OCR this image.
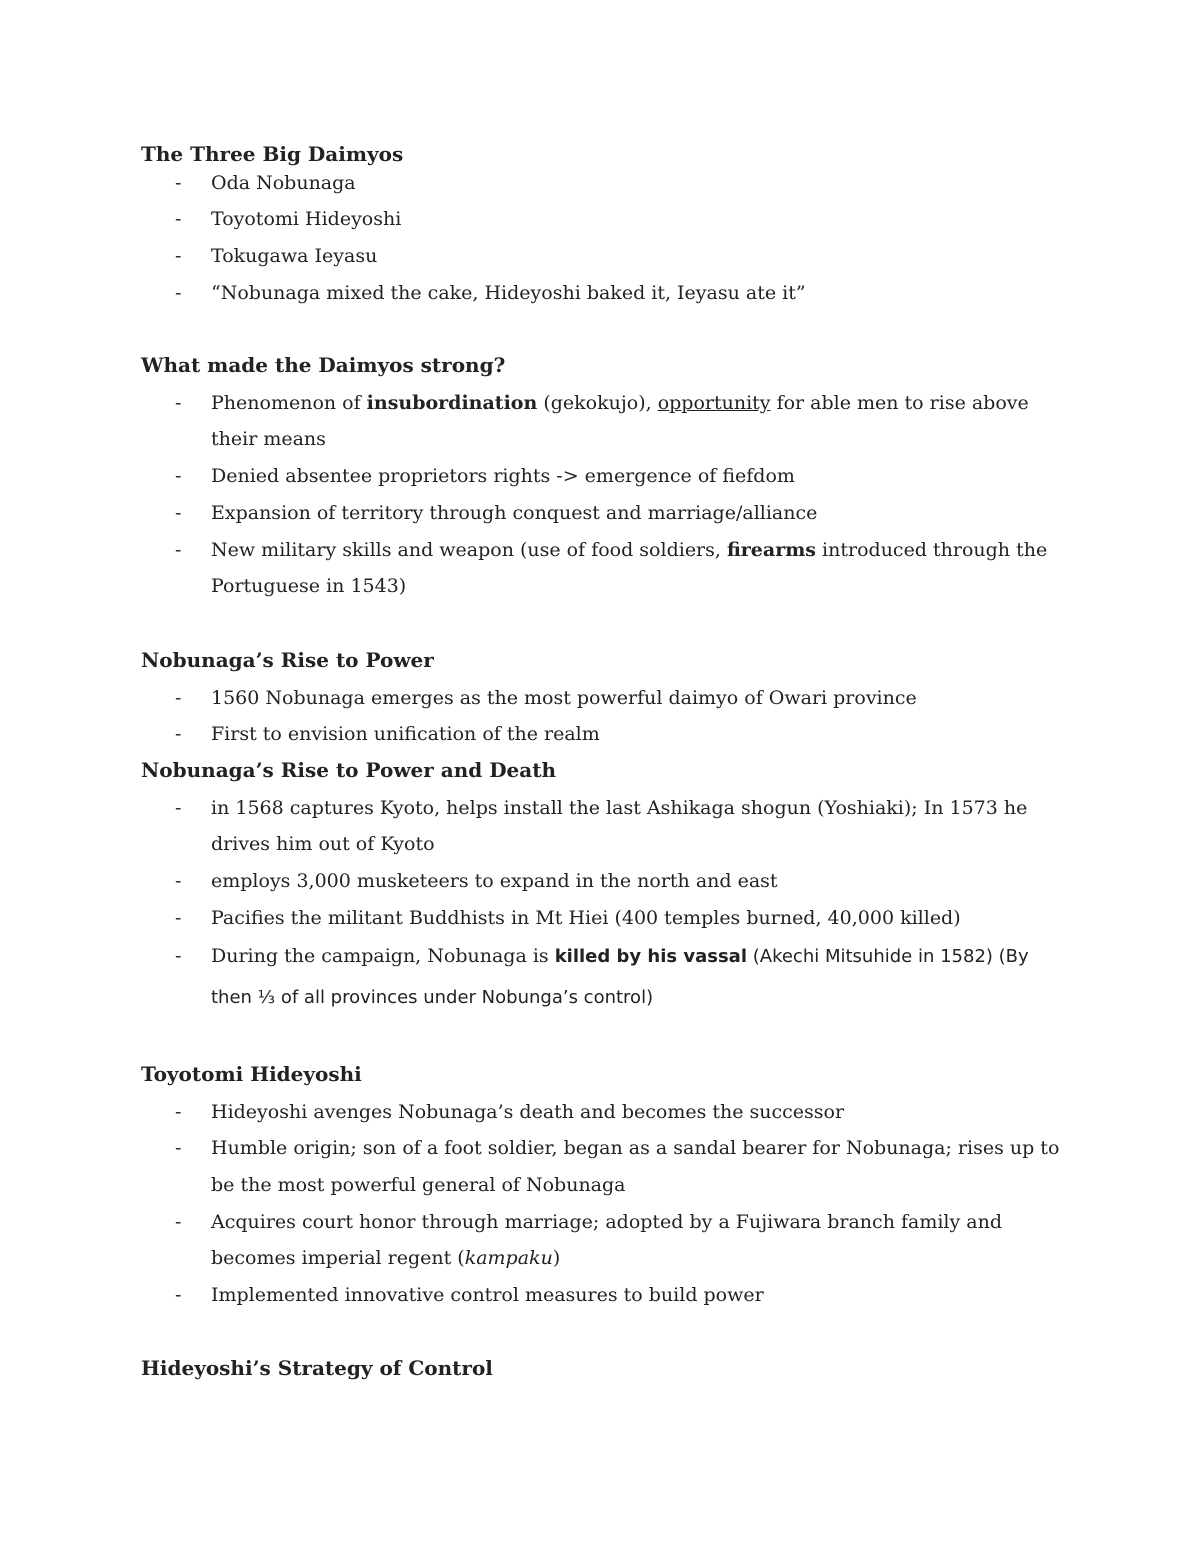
The Three Big Daimyos
- Oda Nobunaga
- Toyotomi Hideyoshi
- Tokugawa Ieyasu
- “Nobunaga mixed the cake, Hideyoshi baked it, Ieyasu ate it”
What made the Daimyos strong?
- Phenomenon of insubordination (gekokujo), opportunity for able men to rise above
their means
- Denied absentee proprietors rights -> emergence of fiefdom
- Expansion of territory through conquest and marriage/alliance
- New military skills and weapon (use of food soldiers, firearms introduced through the
Portuguese in 1543)
Nobunaga’s Rise to Power
- 1560 Nobunaga emerges as the most powerful daimyo of Owari province
- First to envision unification of the realm
Nobunaga’s Rise to Power and Death
- in 1568 captures Kyoto, helps install the last Ashikaga shogun (Yoshiaki); In 1573 he
drives him out of Kyoto
- employs 3,000 musketeers to expand in the north and east
- Pacifies the militant Buddhists in Mt Hiei (400 temples burned, 40,000 killed)
- During the campaign, Nobunaga is killed by his vassal (Akechi Mitsuhide in 1582) (By
then ⅓ of all provinces under Nobunga’s control)
Toyotomi Hideyoshi
- Hideyoshi avenges Nobunaga’s death and becomes the successor
- Humble origin; son of a foot soldier, began as a sandal bearer for Nobunaga; rises up to
be the most powerful general of Nobunaga
- Acquires court honor through marriage; adopted by a Fujiwara branch family and
becomes imperial regent (kampaku)
- Implemented innovative control measures to build power
Hideyoshi’s Strategy of Control
